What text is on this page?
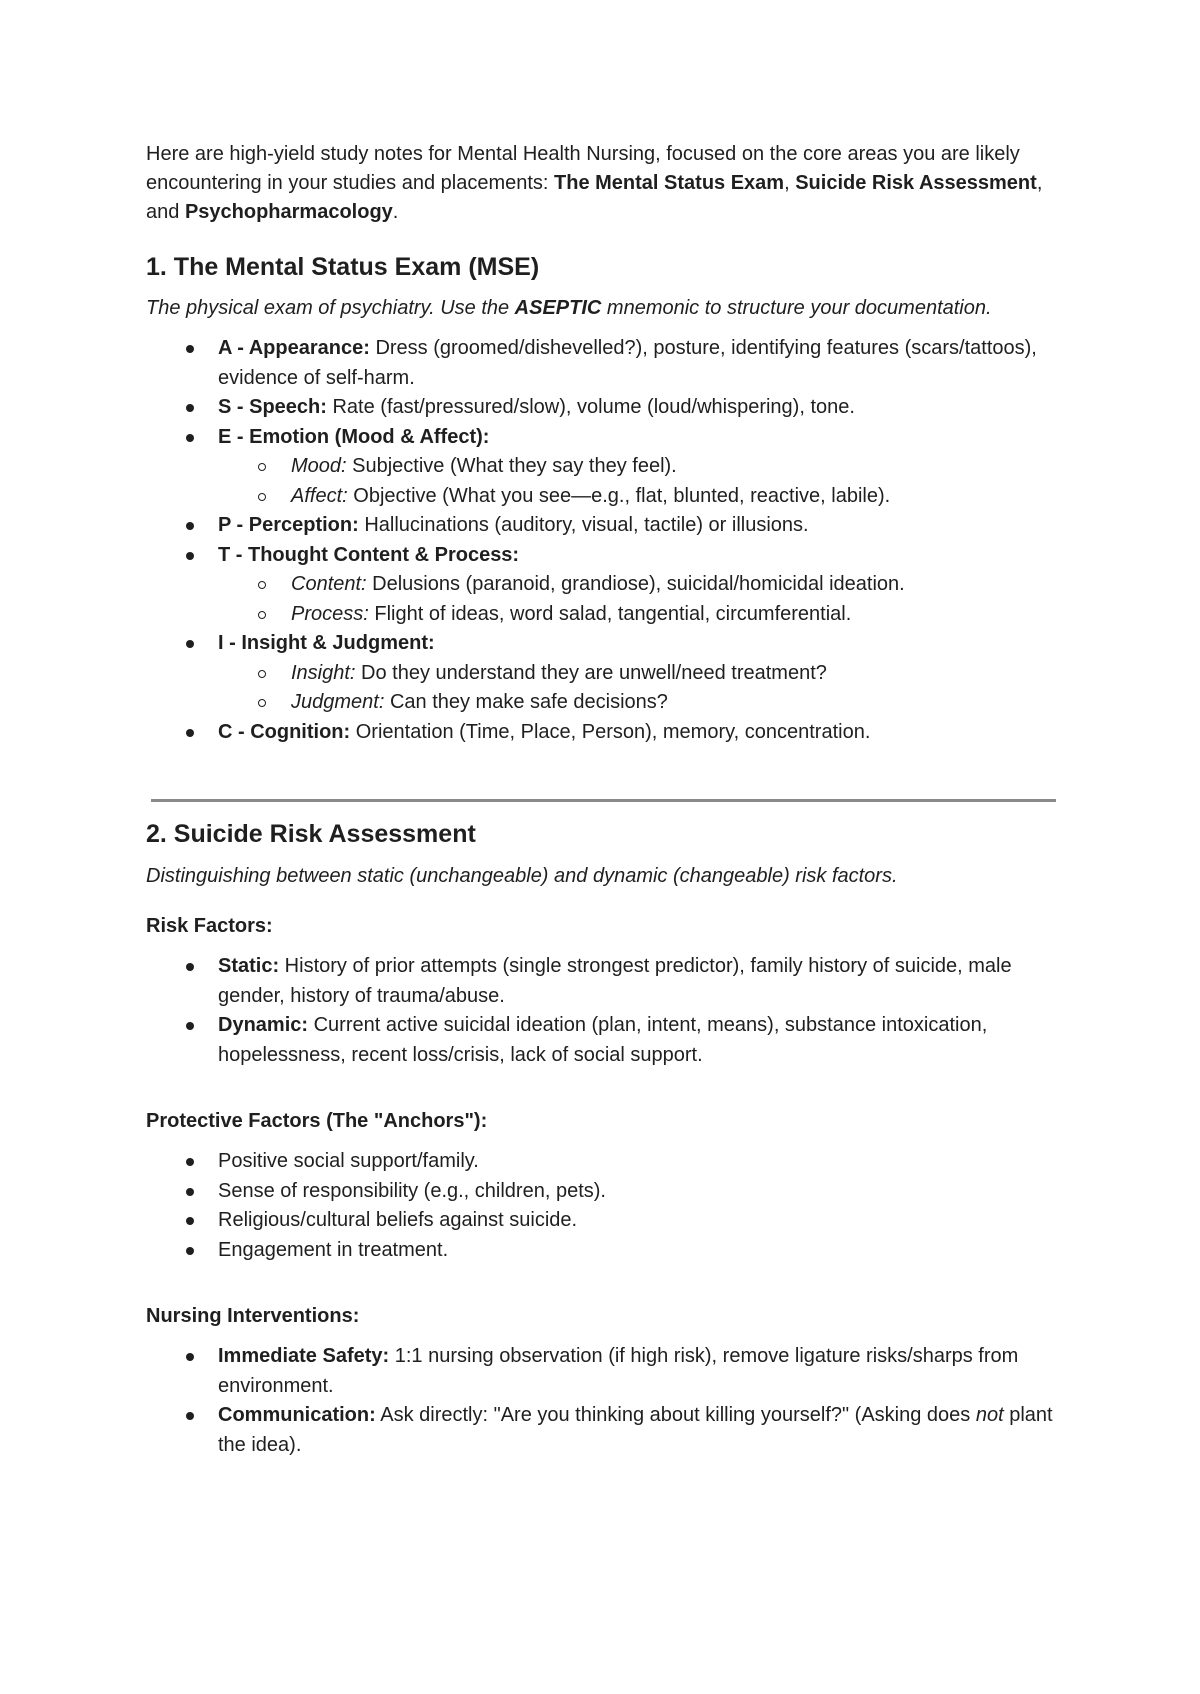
Here are high-yield study notes for Mental Health Nursing, focused on the core areas you are likely encountering in your studies and placements: The Mental Status Exam, Suicide Risk Assessment, and Psychopharmacology.

1. The Mental Status Exam (MSE)

The physical exam of psychiatry. Use the ASEPTIC mnemonic to structure your documentation.

A - Appearance: Dress (groomed/dishevelled?), posture, identifying features (scars/tattoos), evidence of self-harm.
S - Speech: Rate (fast/pressured/slow), volume (loud/whispering), tone.
E - Emotion (Mood & Affect):
Mood: Subjective (What they say they feel).
Affect: Objective (What you see—e.g., flat, blunted, reactive, labile).
P - Perception: Hallucinations (auditory, visual, tactile) or illusions.
T - Thought Content & Process:
Content: Delusions (paranoid, grandiose), suicidal/homicidal ideation.
Process: Flight of ideas, word salad, tangential, circumferential.
I - Insight & Judgment:
Insight: Do they understand they are unwell/need treatment?
Judgment: Can they make safe decisions?
C - Cognition: Orientation (Time, Place, Person), memory, concentration.
2. Suicide Risk Assessment

Distinguishing between static (unchangeable) and dynamic (changeable) risk factors.

Risk Factors:

Static: History of prior attempts (single strongest predictor), family history of suicide, male gender, history of trauma/abuse.
Dynamic: Current active suicidal ideation (plan, intent, means), substance intoxication, hopelessness, recent loss/crisis, lack of social support.

Protective Factors (The "Anchors"):

Positive social support/family.
Sense of responsibility (e.g., children, pets).
Religious/cultural beliefs against suicide.
Engagement in treatment.

Nursing Interventions:

Immediate Safety: 1:1 nursing observation (if high risk), remove ligature risks/sharps from environment.
Communication: Ask directly: "Are you thinking about killing yourself?" (Asking does not plant the idea).
